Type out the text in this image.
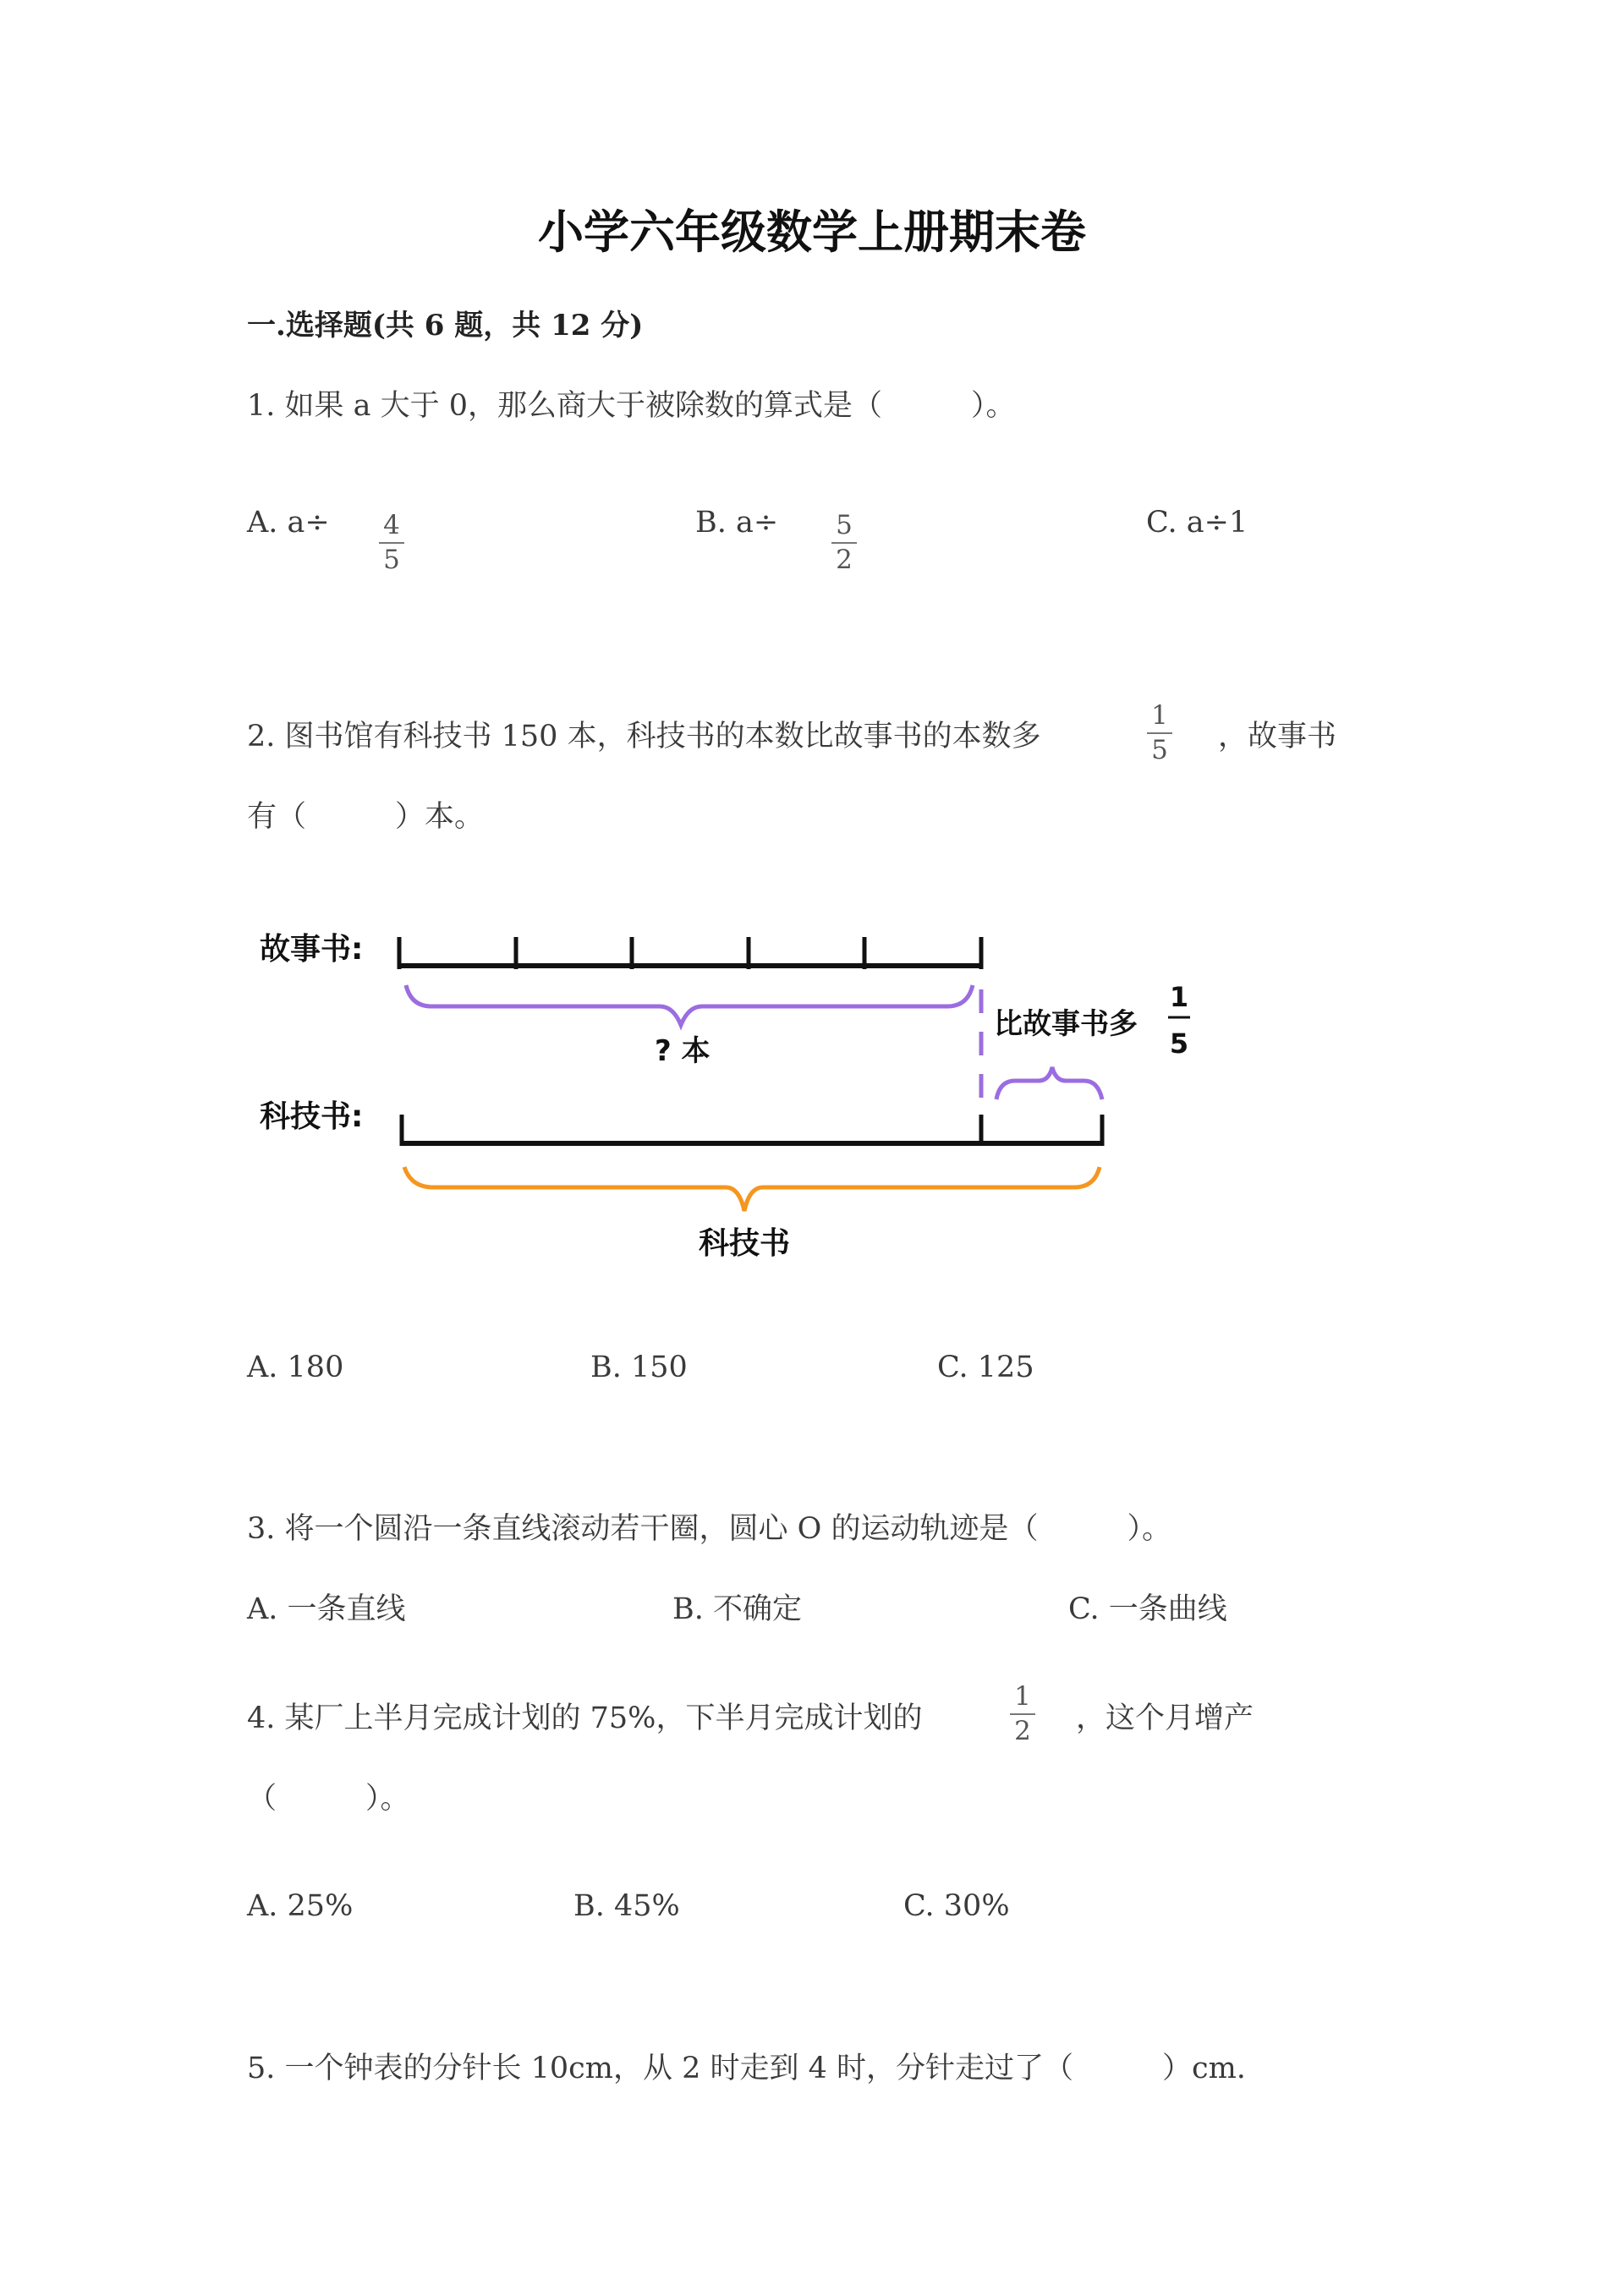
小学六年级数学上册期末卷
一.选择题(共 6 题，共 12 分)
1. 如果 a 大于 0，那么商大于被除数的算式是（　　　）。
A. a÷ 4
5
B. a÷ 5
2
C. a÷1
2. 图书馆有科技书 150 本，科技书的本数比故事书的本数多
1
5 ，故事书
有（　　　）本。
故事书:
? 本
比故事书多
1
5
科技书:
科技书
A. 180	B. 150	C. 125
3. 将一个圆沿一条直线滚动若干圈，圆心 O 的运动轨迹是（　　　）。
A. 一条直线	B. 不确定	C. 一条曲线
4. 某厂上半月完成计划的 75%，下半月完成计划的
1
2 ，这个月增产
（　　　）。
A. 25%	B. 45%	C. 30%
5. 一个钟表的分针长 10cm，从 2 时走到 4 时，分针走过了（　　　）cm.
